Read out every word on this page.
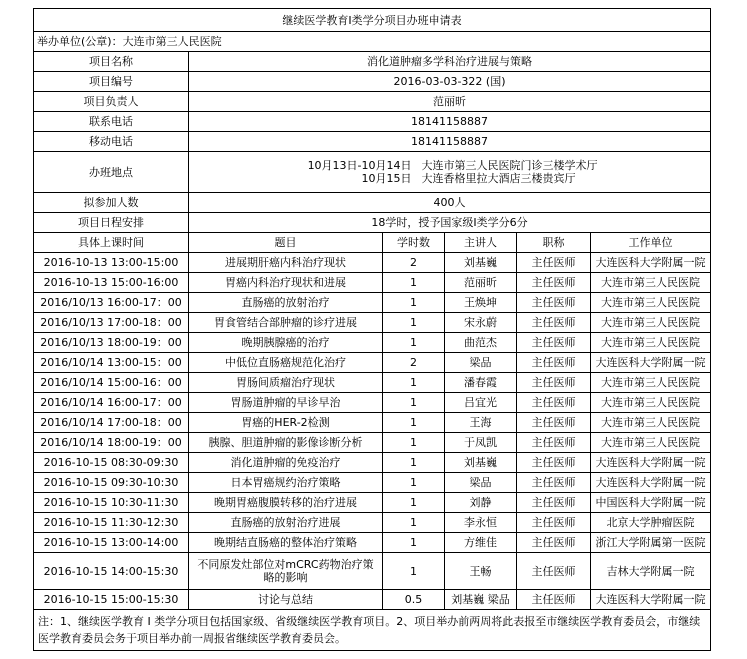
继续医学教育I类学分项目办班申请表					
举办单位(公章)：大连市第三人民医院					
项目名称	消化道肿瘤多学科治疗进展与策略				
项目编号	2016-03-03-322 (国)				
项目负责人	范丽昕				
联系电话	18141158887				
移动电话	18141158887				
办班地点	10月13日-10月14日 大连市第三人民医院门诊三楼学术厅
10月15日 大连香格里拉大酒店三楼贵宾厅				

拟参加人数	400人				
项目日程安排	18学时，授予国家级I类学分6分				
具体上课时间	题目	学时数	主讲人	职称	工作单位
2016-10-13 13:00-15:00	进展期肝癌内科治疗现状	2	刘基巍	主任医师	大连医科大学附属一院
2016-10-13 15:00-16:00	胃癌内科治疗现状和进展	1	范丽昕	主任医师	大连市第三人民医院
2016/10/13 16:00-17：00	直肠癌的放射治疗	1	王焕坤	主任医师	大连市第三人民医院
2016/10/13 17:00-18：00	胃食管结合部肿瘤的诊疗进展	1	宋永蔚	主任医师	大连市第三人民医院
2016/10/13 18:00-19：00	晚期胰腺癌的治疗	1	曲范杰	主任医师	大连市第三人民医院
2016/10/14 13:00-15：00	中低位直肠癌规范化治疗	2	梁品	主任医师	大连医科大学附属一院
2016/10/14 15:00-16：00	胃肠间质瘤治疗现状	1	潘春霞	主任医师	大连市第三人民医院
2016/10/14 16:00-17：00	胃肠道肿瘤的早诊早治	1	吕宜光	主任医师	大连市第三人民医院
2016/10/14 17:00-18：00	胃癌的HER-2检测	1	王海	主任医师	大连市第三人民医院
2016/10/14 18:00-19：00	胰腺、胆道肿瘤的影像诊断分析	1	于凤凯	主任医师	大连市第三人民医院
2016-10-15 08:30-09:30	消化道肿瘤的免疫治疗	1	刘基巍	主任医师	大连医科大学附属一院
2016-10-15 09:30-10:30	日本胃癌规约治疗策略	1	梁品	主任医师	大连医科大学附属一院
2016-10-15 10:30-11:30	晚期胃癌腹膜转移的治疗进展	1	刘静	主任医师	中国医科大学附属一院
2016-10-15 11:30-12:30	直肠癌的放射治疗进展	1	李永恒	主任医师	北京大学肿瘤医院
2016-10-15 13:00-14:00	晚期结直肠癌的整体治疗策略	1	方维佳	主任医师	浙江大学附属第一医院
2016-10-15 14:00-15:30	不同原发灶部位对mCRC药物治疗策略的影响	1	王畅	主任医师	吉林大学附属一院
2016-10-15 15:00-15:30	讨论与总结	0.5	刘基巍 梁品	主任医师	大连医科大学附属一院
注：1、继续医学教育 I 类学分项目包括国家级、省级继续医学教育项目。2、项目举办前两周将此表报至市继续医学教育委员会，市继续医学教育委员会务于项目举办前一周报省继续医学教育委员会。					
